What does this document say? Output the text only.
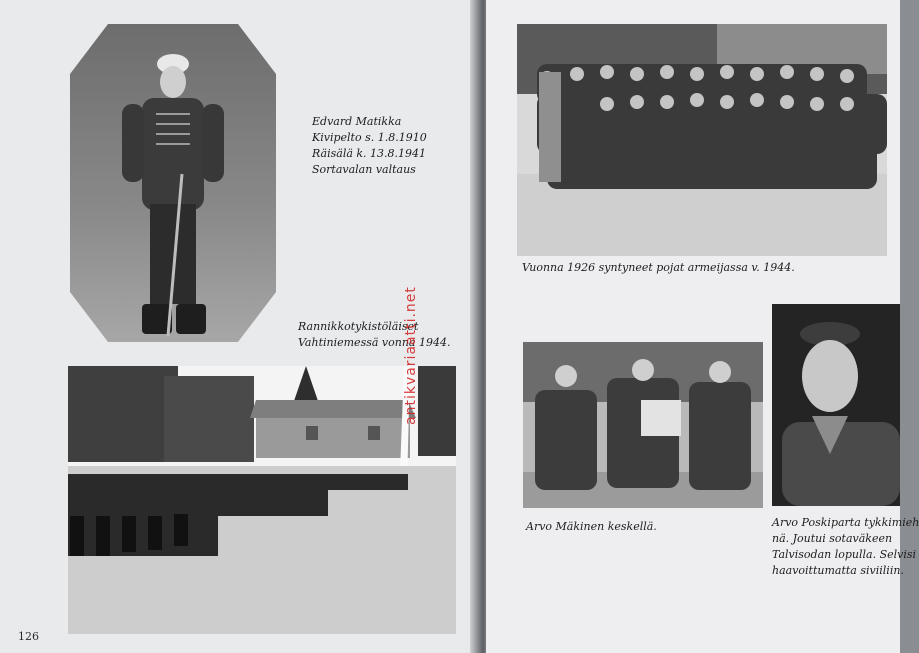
Edvard Matikka
Kivipelto s. 1.8.1910
Räisälä k. 13.8.1941
Sortavalan valtaus
Rannikkotykistöläiset
Vahtiniemessä vonna 1944.
126
antikvariaatti.net
Vuonna 1926 syntyneet pojat armeijassa v. 1944.
Arvo Mäkinen keskellä.	Arvo Poskiparta tykkimieh
nä. Joutui sotaväkeen
Talvisodan lopulla. Selvisi
haavoittumatta siviiliin.
